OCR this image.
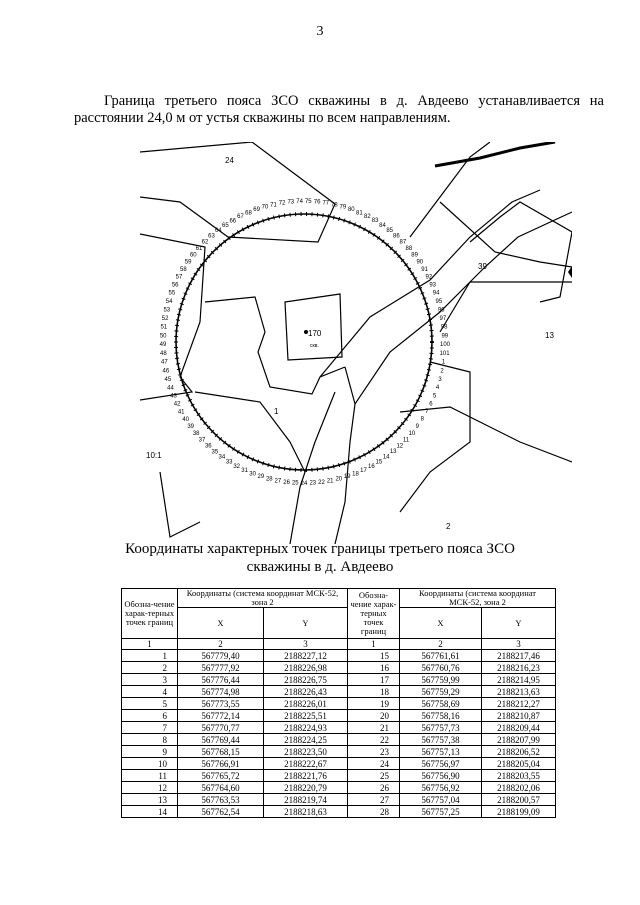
3
Граница третьего пояса ЗСО скважины в д. Авдеево устанавливается на расстоянии 24,0 м от устья скважины по всем направлениям.
1
2
3
4
5
6
7
8
9
10
11
12
13
14
15
16
17
18
19
20
21
22
23
24
25
26
27
28
29
30
31
32
33
34
35
36
37
38
39
40
41
42
43
44
45
46
47
48
49
50
51
52
53
54
55
56
57
58
59
60
61
62
63
64
65
66
67
68
69 70 71 72 73 74 75 76 77 78 79 80
81
82
83
84
85
86
87
88
89
90
91
92
93
94
95
96
97
98
99
100
101
24
39
13
170
скв.
1
10:1
2
Координаты характерных точек границы третьего пояса ЗСО скважины в д. Авдеево
Обозна-чение харак-терных точек границ	Координаты (система координат МСК-52, зона 2		Обозна-чение харак-терных точек границ	Координаты (система координат МСК-52, зона 2	
	X	Y		X	Y
1	2	3	1	2	3
1	567779,40	2188227,12	15	567761,61	2188217,46
2	567777,92	2188226,98	16	567760,76	2188216,23
3	567776,44	2188226,75	17	567759,99	2188214,95
4	567774,98	2188226,43	18	567759,29	2188213,63
5	567773,55	2188226,01	19	567758,69	2188212,27
6	567772,14	2188225,51	20	567758,16	2188210,87
7	567770,77	2188224,93	21	567757,73	2188209,44
8	567769,44	2188224,25	22	567757,38	2188207,99
9	567768,15	2188223,50	23	567757,13	2188206,52
10	567766,91	2188222,67	24	567756,97	2188205,04
11	567765,72	2188221,76	25	567756,90	2188203,55
12	567764,60	2188220,79	26	567756,92	2188202,06
13	567763,53	2188219,74	27	567757,04	2188200,57
14	567762,54	2188218,63	28	567757,25	2188199,09
